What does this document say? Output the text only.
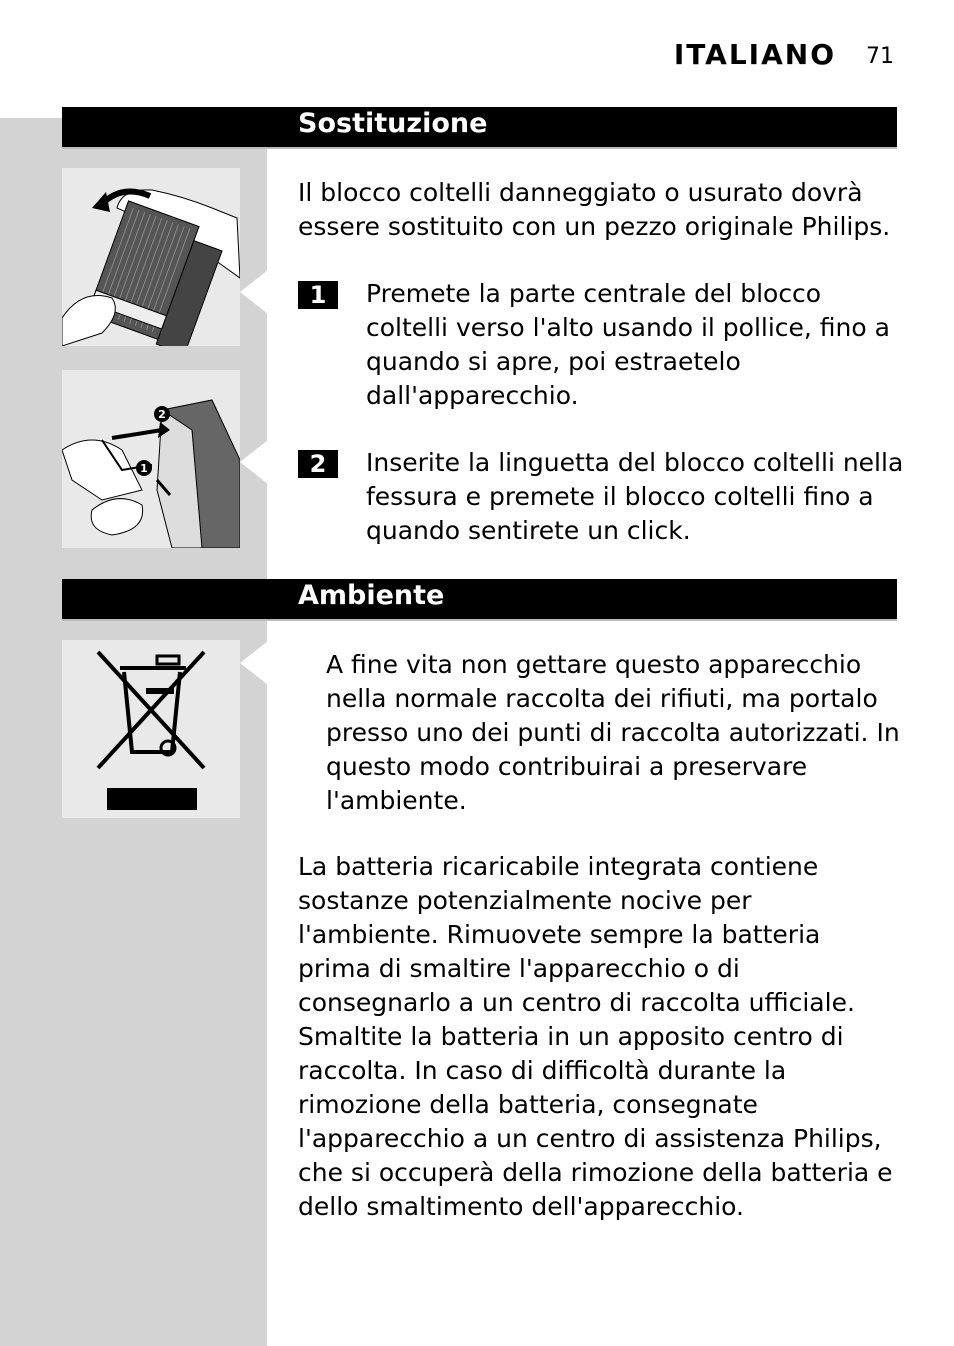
ITALIANO 71
Sostituzione
2
1
Il blocco coltelli danneggiato o usurato dovrà essere sostituito con un pezzo originale Philips.
1	Premete la parte centrale del blocco coltelli verso l'alto usando il pollice, fino a quando si apre, poi estraetelo dall'apparecchio.
2	Inserite la linguetta del blocco coltelli nella fessura e premete il blocco coltelli fino a quando sentirete un click.
Ambiente
A fine vita non gettare questo apparecchio nella normale raccolta dei rifiuti, ma portalo presso uno dei punti di raccolta autorizzati. In questo modo contribuirai a preservare l'ambiente.
La batteria ricaricabile integrata contiene sostanze potenzialmente nocive per l'ambiente. Rimuovete sempre la batteria prima di smaltire l'apparecchio o di consegnarlo a un centro di raccolta ufficiale. Smaltite la batteria in un apposito centro di raccolta. In caso di difficoltà durante la rimozione della batteria, consegnate l'apparecchio a un centro di assistenza Philips, che si occuperà della rimozione della batteria e dello smaltimento dell'apparecchio.
